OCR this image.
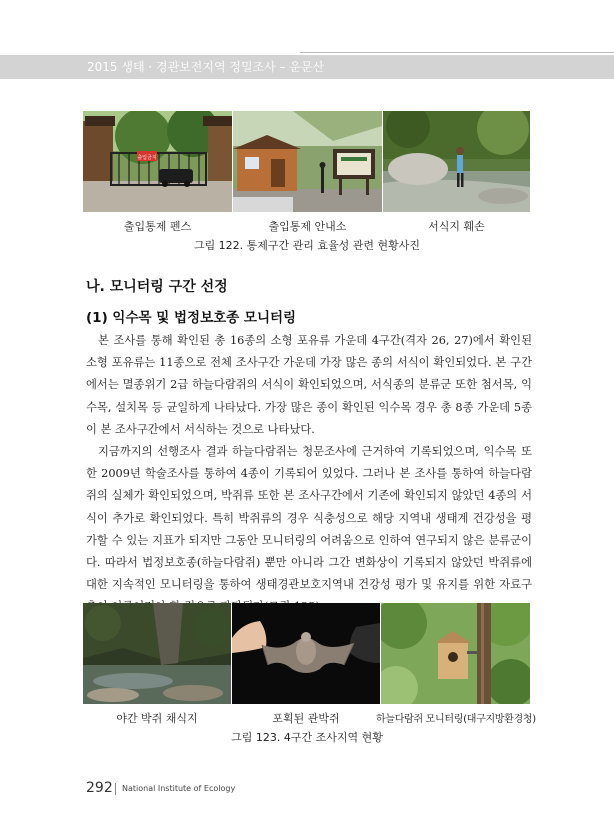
2015 생태 · 경관보전지역 정밀조사 – 운문산
출입금지
출입통제 펜스	출입통제 안내소	서식지 훼손
그림 122. 통제구간 관리 효율성 관련 현황사진
나. 모니터링 구간 선정
(1) 익수목 및 법정보호종 모니터링
본 조사를 통해 확인된 총 16종의 소형 포유류 가운데 4구간(격자 26, 27)에서 확인된 소형 포유류는 11종으로 전체 조사구간 가운데 가장 많은 종의 서식이 확인되었다. 본 구간에서는 멸종위기 2급 하늘다람쥐의 서식이 확인되었으며, 서식종의 분류군 또한 첨서목, 익수목, 설치목 등 균일하게 나타났다. 가장 많은 종이 확인된 익수목 경우 총 8종 가운데 5종이 본 조사구간에서 서식하는 것으로 나타났다.
지금까지의 선행조사 결과 하늘다람쥐는 청문조사에 근거하여 기록되었으며, 익수목 또한 2009년 학술조사를 통하여 4종이 기록되어 있었다. 그러나 본 조사를 통하여 하늘다람쥐의 실체가 확인되었으며, 박쥐류 또한 본 조사구간에서 기존에 확인되지 않았던 4종의 서식이 추가로 확인되었다. 특히 박쥐류의 경우 식충성으로 해당 지역내 생태계 건강성을 평가할 수 있는 지표가 되지만 그동안 모니터링의 어려움으로 인하여 연구되지 않은 분류군이다. 따라서 법정보호종(하늘다람쥐) 뿐만 아니라 그간 변화상이 기록되지 않았던 박쥐류에 대한 지속적인 모니터링을 통하여 생태경관보호지역내 건강성 평가 및 유지를 위한 자료구
야간 박쥐 채식지	포획된 관박쥐	하늘다람쥐 모니터링(대구지방환경청)
그림 123. 4구간 조사지역 현황
292 National Institute of Ecology
